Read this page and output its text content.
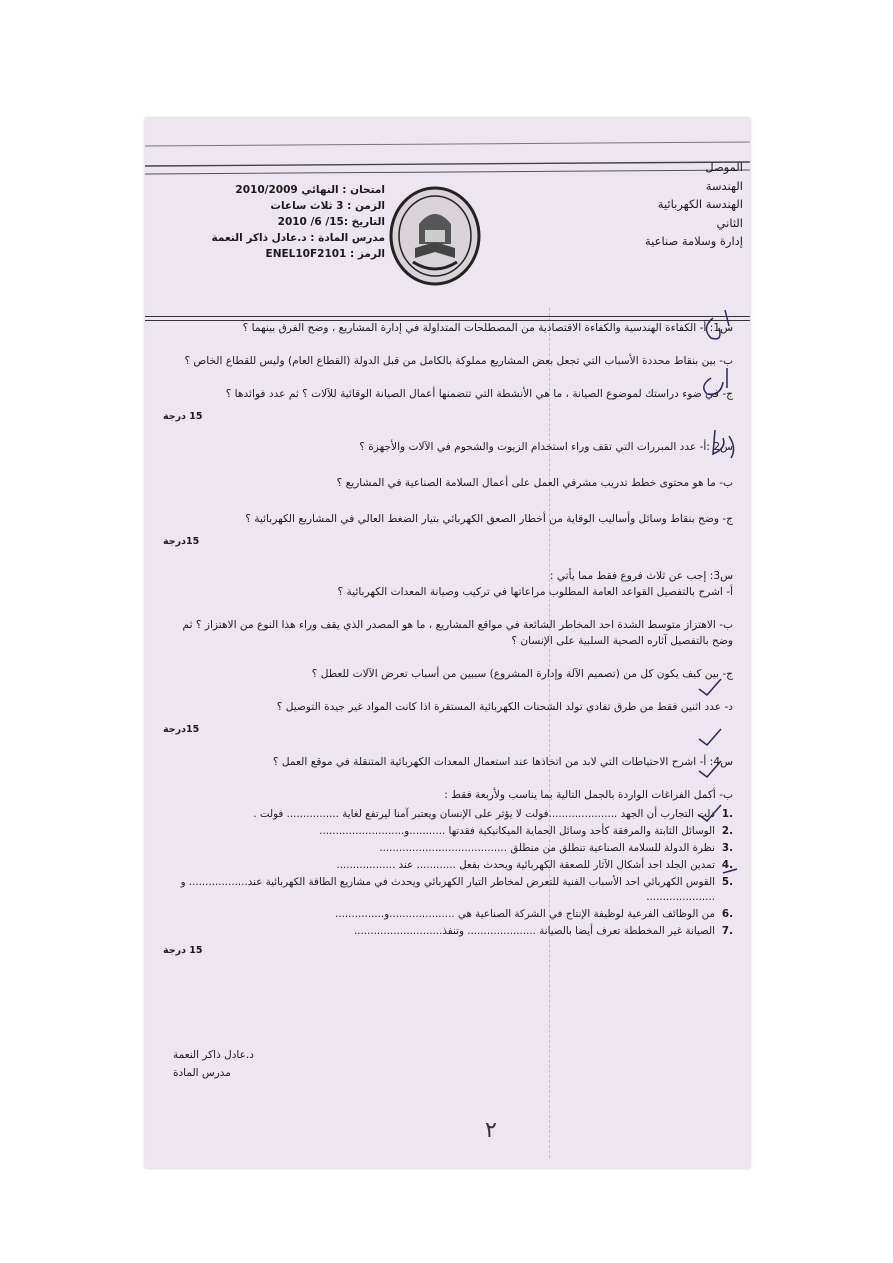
امتحان : النهائي 2010/2009
الزمن : 3 ثلاث ساعات
التاريخ :15/ 6/ 2010
مدرس المادة : د.عادل ذاكر النعمة
الرمز : ENEL10F2101
الموصل
الهندسة
الهندسة الكهربائية
الثاني
إدارة وسلامة صناعية
س1: أ- الكفاءة الهندسية والكفاءة الاقتصادية من المصطلحات المتداولة في إدارة المشاريع ، وضح الفرق بينهما ؟
ب- بين بنقاط محددة الأسباب التي تجعل بعض المشاريع مملوكة بالكامل من قبل الدولة (القطاع العام) وليس للقطاع الخاص ؟
ج- في ضوء دراستك لموضوع الصيانة ، ما هي الأنشطة التي تتضمنها أعمال الصيانة الوقائية للآلات ؟ ثم عدد فوائدها ؟
15 درجة
س2 :أ- عدد المبررات التي تقف وراء استخدام الزيوت والشحوم في الآلات والأجهزة ؟
ب- ما هو محتوى خطط تدريب مشرفي العمل على أعمال السلامة الصناعية في المشاريع ؟
ج- وضح بنقاط وسائل وأساليب الوقاية من أخطار الصعق الكهربائي بتيار الضغط العالي في المشاريع الكهربائية ؟
15درجة
س3: إجب عن ثلاث فروع فقط مما يأتي :
أ- اشرح بالتفصيل القواعد العامة المطلوب مراعاتها في تركيب وصيانة المعدات الكهربائية ؟
ب- الاهتزاز متوسط الشدة احد المخاطر الشائعة في مواقع المشاريع ، ما هو المصدر الذي يقف وراء هذا النوع من الاهتزاز ؟ ثم وضح بالتفصيل آثاره الصحية السلبية على الإنسان ؟
ج- بين كيف يكون كل من (تصميم الآلة وإدارة المشروع) سببين من أسباب تعرض الآلات للعطل ؟
د- عدد اثنين فقط من طرق تفادي تولد الشحنات الكهربائية المستقرة اذا كانت المواد غير جيدة التوصيل ؟
15درجة
س4: أ- اشرح الاحتياطات التي لابد من اتخاذها عند استعمال المعدات الكهربائية المتنقلة في موقع العمل ؟
ب- أكمل الفراغات الواردة بالجمل التالية بما يناسب ولأربعة فقط :
.1
دلت التجارب أن الجهد .....................فولت لا يؤثر على الإنسان ويعتبر آمنا ليرتفع لغاية ................ فولت .
.2
الوسائل الثابتة والمرفقة كأحد وسائل الحماية الميكانيكية فقدتها ...........و..........................
.3
نظرة الدولة للسلامة الصناعية تنطلق من منطلق .......................................
.4
تمدين الجلد احد أشكال الآثار للصعقة الكهربائية ويحدث بفعل ............ عند ..................
.5
القوس الكهربائي احد الأسباب الفنية للتعرض لمخاطر التيار الكهربائي ويحدث في مشاريع الطاقة الكهربائية عند.................. و .....................
.6
من الوظائف الفرعية لوظيفة الإنتاج في الشركة الصناعية هي ....................و...............
.7
الصيانة غير المخططة تعرف أيضا بالصيانة ..................... وتنفذ...........................
15 درجة
د.عادل ذاكر النعمة
مدرس المادة
٢
